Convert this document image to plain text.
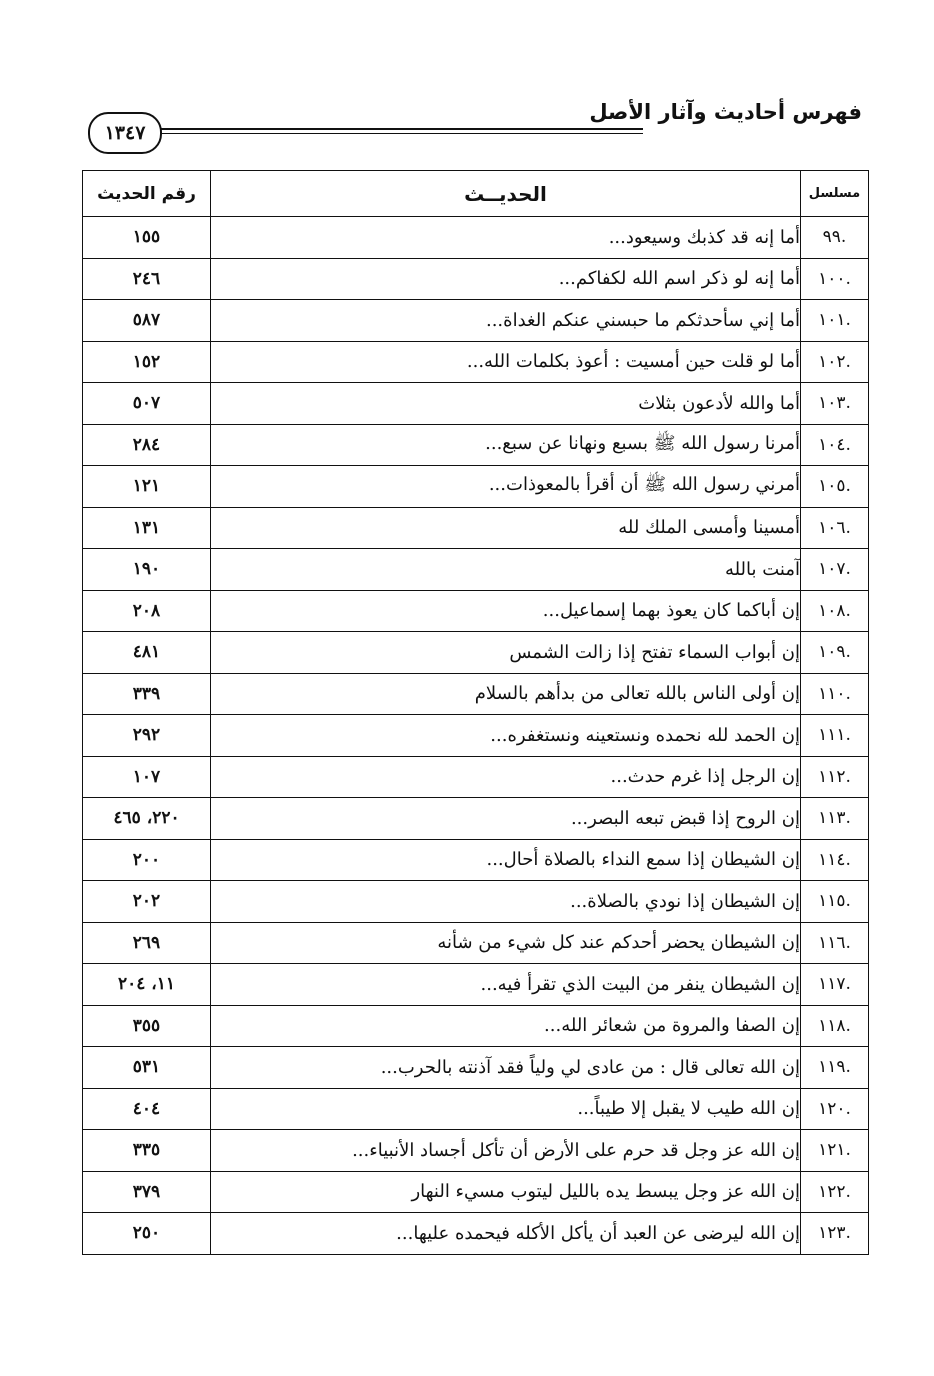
فهرس أحاديث وآثار الأصل
١٣٤٧
مسلسل	الحديــث	رقم الحديث
.٩٩	أما إنه قد كذبك وسيعود...	١٥٥
.١٠٠	أما إنه لو ذكر اسم الله لكفاكم...	٢٤٦
.١٠١	أما إني سأحدثكم ما حبسني عنكم الغداة...	٥٨٧
.١٠٢	أما لو قلت حين أمسيت : أعوذ بكلمات الله...	١٥٢
.١٠٣	أما والله لأدعون بثلاث	٥٠٧
.١٠٤	أمرنا رسول الله ﷺ بسبع ونهانا عن سبع...	٢٨٤
.١٠٥	أمرني رسول الله ﷺ أن أقرأ بالمعوذات...	١٢١
.١٠٦	أمسينا وأمسى الملك لله	١٣١
.١٠٧	آمنت بالله	١٩٠
.١٠٨	إن أباكما كان يعوذ بهما إسماعيل...	٢٠٨
.١٠٩	إن أبواب السماء تفتح إذا زالت الشمس	٤٨١
.١١٠	إن أولى الناس بالله تعالى من بدأهم بالسلام	٣٣٩
.١١١	إن الحمد لله نحمده ونستعينه ونستغفره...	٢٩٢
.١١٢	إن الرجل إذا غرم حدث...	١٠٧
.١١٣	إن الروح إذا قبض تبعه البصر...	٢٢٠، ٤٦٥
.١١٤	إن الشيطان إذا سمع النداء بالصلاة أحال...	٢٠٠
.١١٥	إن الشيطان إذا نودي بالصلاة...	٢٠٢
.١١٦	إن الشيطان يحضر أحدكم عند كل شيء من شأنه	٢٦٩
.١١٧	إن الشيطان ينفر من البيت الذي تقرأ فيه...	١١، ٢٠٤
.١١٨	إن الصفا والمروة من شعائر الله...	٣٥٥
.١١٩	إن الله تعالى قال : من عادى لي ولياً فقد آذنته بالحرب...	٥٣١
.١٢٠	إن الله طيب لا يقبل إلا طيباً...	٤٠٤
.١٢١	إن الله عز وجل قد حرم على الأرض أن تأكل أجساد الأنبياء...	٣٣٥
.١٢٢	إن الله عز وجل يبسط يده بالليل ليتوب مسيء النهار	٣٧٩
.١٢٣	إن الله ليرضى عن العبد أن يأكل الأكله فيحمده عليها...	٢٥٠
